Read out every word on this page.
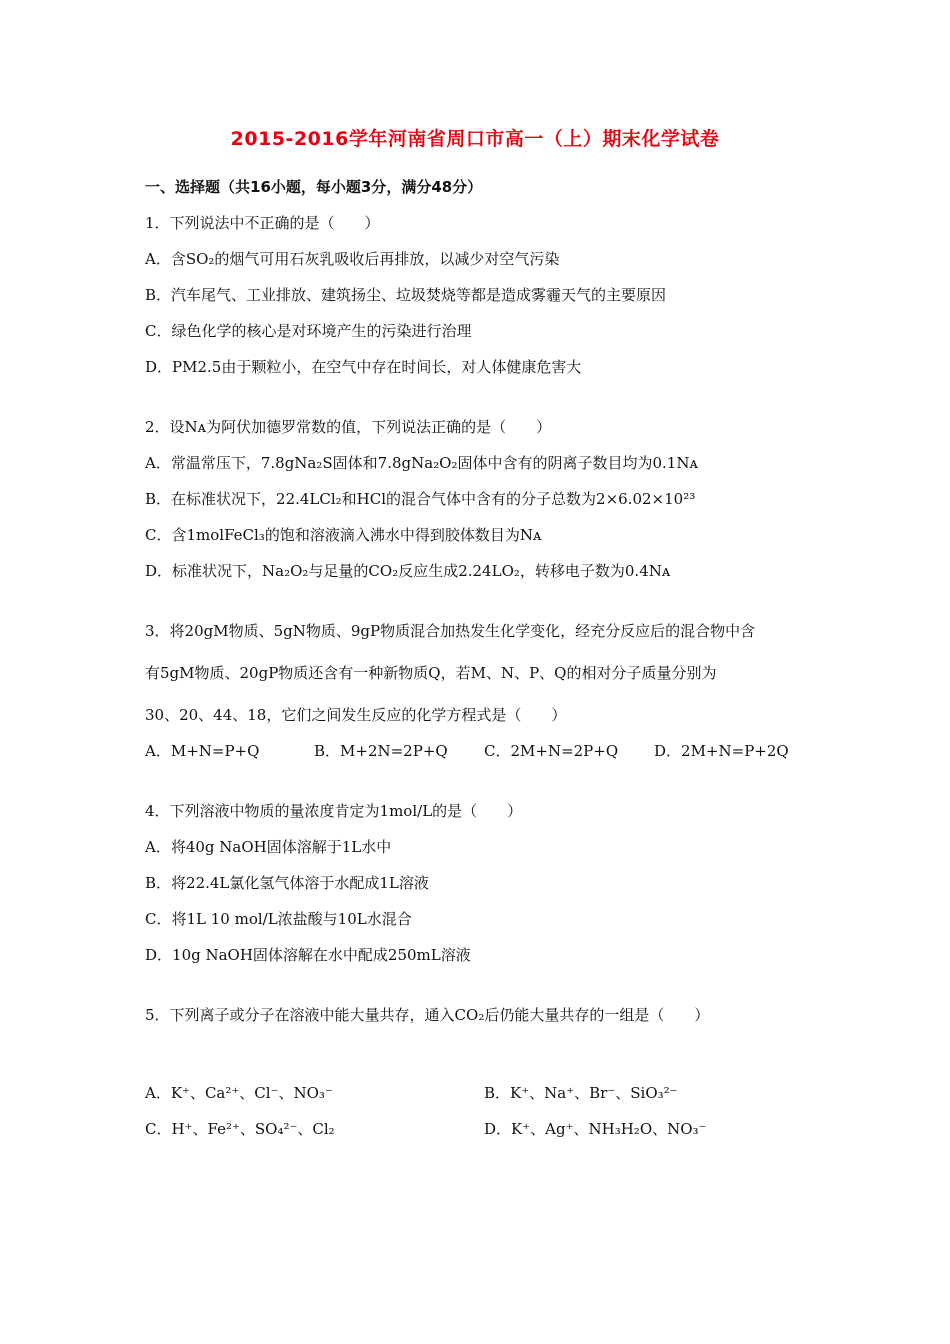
2015-2016学年河南省周口市高一（上）期末化学试卷
一、选择题（共16小题，每小题3分，满分48分）
1．下列说法中不正确的是（　　）
A．含SO₂的烟气可用石灰乳吸收后再排放，以减少对空气污染
B．汽车尾气、工业排放、建筑扬尘、垃圾焚烧等都是造成雾霾天气的主要原因
C．绿色化学的核心是对环境产生的污染进行治理
D．PM2.5由于颗粒小，在空气中存在时间长，对人体健康危害大
2．设Nᴀ为阿伏加德罗常数的值，下列说法正确的是（　　）
A．常温常压下，7.8gNa₂S固体和7.8gNa₂O₂固体中含有的阴离子数目均为0.1Nᴀ
B．在标准状况下，22.4LCl₂和HCl的混合气体中含有的分子总数为2×6.02×10²³
C．含1molFeCl₃的饱和溶液滴入沸水中得到胶体数目为Nᴀ
D．标准状况下，Na₂O₂与足量的CO₂反应生成2.24LO₂，转移电子数为0.4Nᴀ
3．将20gM物质、5gN物质、9gP物质混合加热发生化学变化，经充分反应后的混合物中含
有5gM物质、20gP物质还含有一种新物质Q，若M、N、P、Q的相对分子质量分别为
30、20、44、18，它们之间发生反应的化学方程式是（　　）
A．M+N=P+Q	B．M+2N=2P+Q C．2M+N=2P+Q D．2M+N=P+2Q
4．下列溶液中物质的量浓度肯定为1mol/L的是（　　）
A．将40g NaOH固体溶解于1L水中
B．将22.4L氯化氢气体溶于水配成1L溶液
C．将1L 10 mol/L浓盐酸与10L水混合
D．10g NaOH固体溶解在水中配成250mL溶液
5．下列离子或分子在溶液中能大量共存，通入CO₂后仍能大量共存的一组是（　　）
A．K⁺、Ca²⁺、Cl⁻、NO₃⁻	B．K⁺、Na⁺、Br⁻、SiO₃²⁻
C．H⁺、Fe²⁺、SO₄²⁻、Cl₂	D．K⁺、Ag⁺、NH₃H₂O、NO₃⁻
